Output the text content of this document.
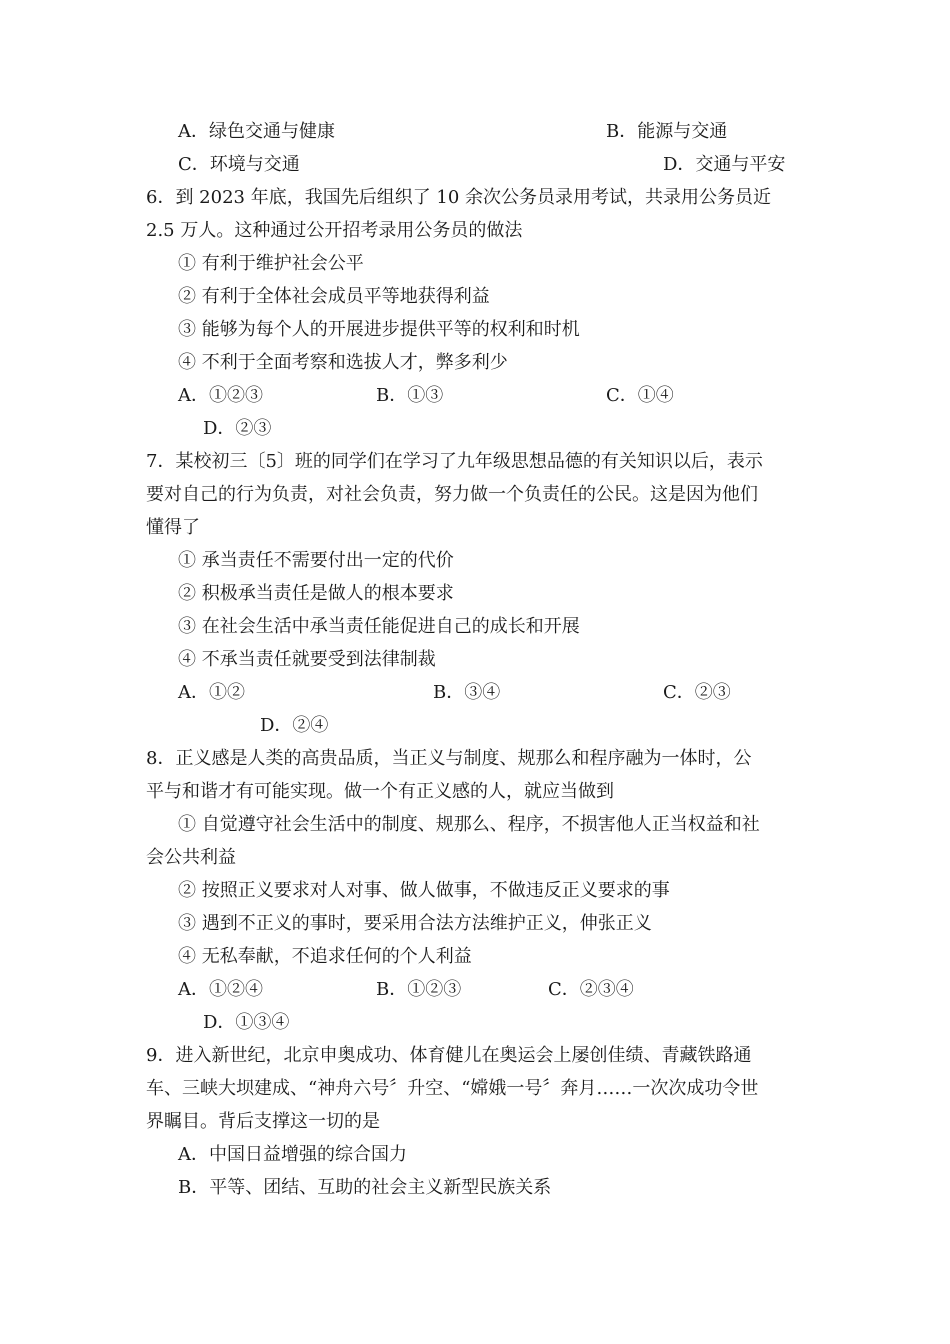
A．绿色交通与健康	B．能源与交通
C．环境与交通	D．交通与平安
6．到 2023 年底，我国先后组织了 10 余次公务员录用考试，共录用公务员近
2.5 万人。这种通过公开招考录用公务员的做法
① 有利于维护社会公平
② 有利于全体社会成员平等地获得利益
③ 能够为每个人的开展进步提供平等的权利和时机
④ 不利于全面考察和选拔人才，弊多利少
A．①②③	B．①③	C．①④
D．②③
7．某校初三〔5〕班的同学们在学习了九年级思想品德的有关知识以后，表示
要对自己的行为负责，对社会负责，努力做一个负责任的公民。这是因为他们
懂得了
① 承当责任不需要付出一定的代价
② 积极承当责任是做人的根本要求
③ 在社会生活中承当责任能促进自己的成长和开展
④ 不承当责任就要受到法律制裁
A．①②	B．③④	C．②③
D．②④
8．正义感是人类的高贵品质，当正义与制度、规那么和程序融为一体时，公
平与和谐才有可能实现。做一个有正义感的人，就应当做到
① 自觉遵守社会生活中的制度、规那么、程序，不损害他人正当权益和社
会公共利益
② 按照正义要求对人对事、做人做事，不做违反正义要求的事
③ 遇到不正义的事时，要采用合法方法维护正义，伸张正义
④ 无私奉献，不追求任何的个人利益
A．①②④	B．①②③	C．②③④
D．①③④
9．进入新世纪，北京申奥成功、体育健儿在奥运会上屡创佳绩、青藏铁路通
车、三峡大坝建成、“神舟六号〞升空、“嫦娥一号〞奔月……一次次成功令世
界瞩目。背后支撑这一切的是
A．中国日益增强的综合国力
B．平等、团结、互助的社会主义新型民族关系
